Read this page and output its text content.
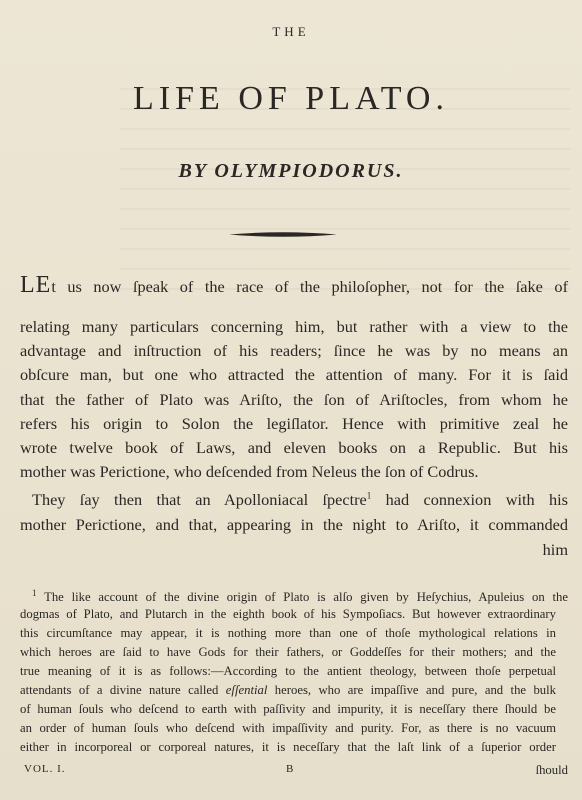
THE
LIFE OF PLATO.
BY OLYMPIODORUS.
LEt us now ſpeak of the race of the philoſopher, not for the ſake of
relating many particulars concerning him, but rather with a view to the
advantage and inſtruction of his readers; ſince he was by no means an
obſcure man, but one who attracted the attention of many. For it is ſaid
that the father of Plato was Ariſto, the ſon of Ariſtocles, from whom he
refers his origin to Solon the legiſlator. Hence with primitive zeal he
wrote twelve book of Laws, and eleven books on a Republic. But his
mother was Perictione, who deſcended from Neleus the ſon of Codrus.
They ſay then that an Apolloniacal ſpectre$^1$ had connexion with his
mother Perictione, and that, appearing in the night to Ariſto, it commanded
him
$^1$ The like account of the divine origin of Plato is alſo given by Heſychius, Apuleius on the
dogmas of Plato, and Plutarch in the eighth book of his Sympoſiacs. But however extraordinary
this circumſtance may appear, it is nothing more than one of thoſe mythological relations in
which heroes are ſaid to have Gods for their fathers, or Goddeſſes for their mothers; and the
true meaning of it is as follows:—According to the antient theology, between thoſe perpetual
attendants of a divine nature called eſſential heroes, who are impaſſive and pure, and the bulk
of human ſouls who deſcend to earth with paſſivity and impurity, it is neceſſary there ſhould be
an order of human ſouls who deſcend with impaſſivity and purity. For, as there is no vacuum
either in incorporeal or corporeal natures, it is neceſſary that the laſt link of a ſuperior order
VOL. I.	B	ſhould
